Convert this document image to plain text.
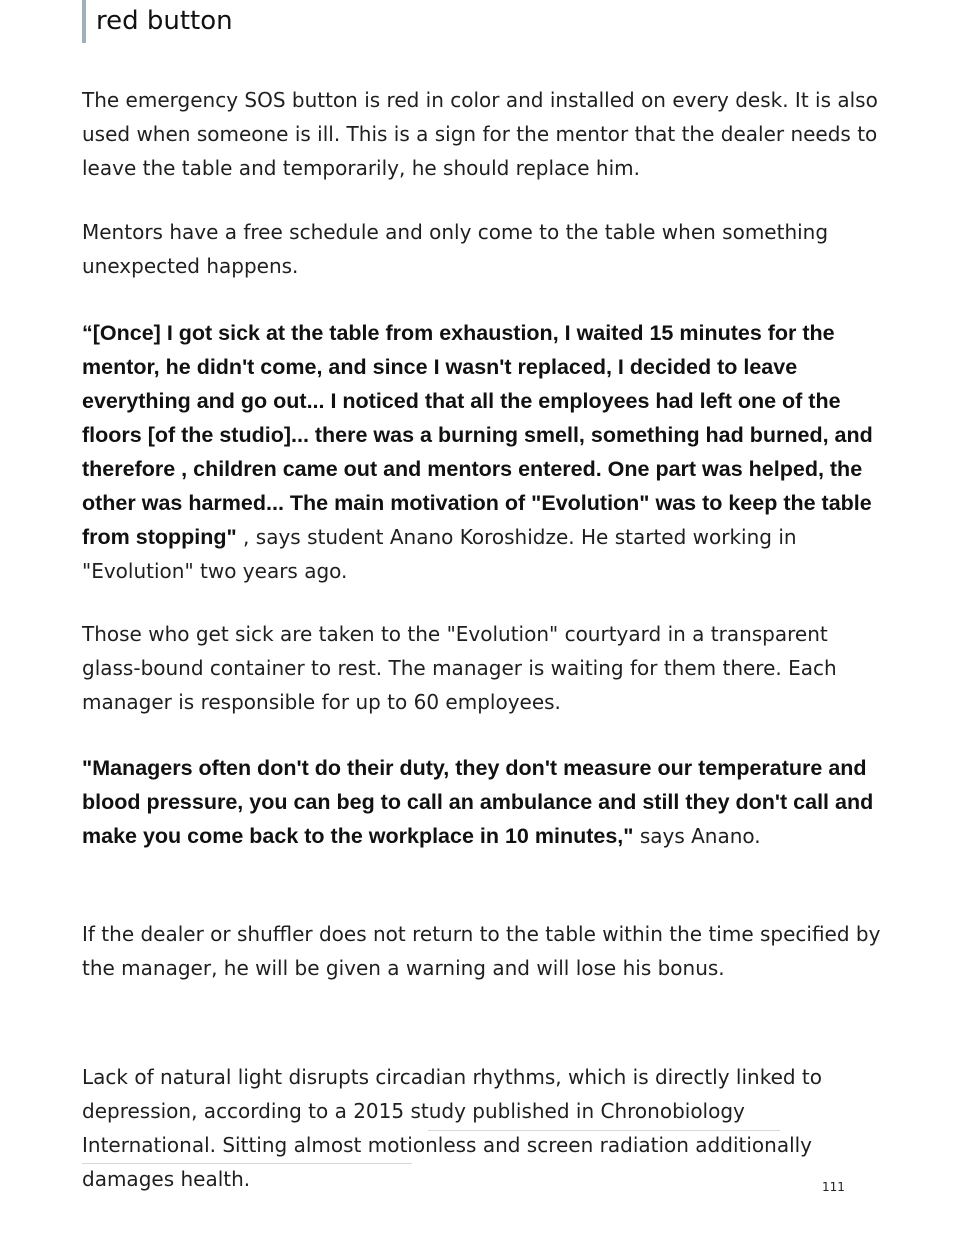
red button

The emergency SOS button is red in color and installed on every desk. It is also used when someone is ill. This is a sign for the mentor that the dealer needs to leave the table and temporarily, he should replace him.

Mentors have a free schedule and only come to the table when something unexpected happens.

“[Once] I got sick at the table from exhaustion, I waited 15 minutes for the mentor, he didn't come, and since I wasn't replaced, I decided to leave everything and go out... I noticed that all the employees had left one of the floors [of the studio]... there was a burning smell, something had burned, and therefore , children came out and mentors entered. One part was helped, the other was harmed... The main motivation of "Evolution" was to keep the table from stopping" , says student Anano Koroshidze. He started working in "Evolution" two years ago.

Those who get sick are taken to the "Evolution" courtyard in a transparent glass-bound container to rest. The manager is waiting for them there. Each manager is responsible for up to 60 employees.

"Managers often don't do their duty, they don't measure our temperature and blood pressure, you can beg to call an ambulance and still they don't call and make you come back to the workplace in 10 minutes," says Anano.

If the dealer or shuffler does not return to the table within the time specified by the manager, he will be given a warning and will lose his bonus.

Lack of natural light disrupts circadian rhythms, which is directly linked to depression, according to a 2015 study published in Chronobiology International. Sitting almost motionless and screen radiation additionally damages health.	111
